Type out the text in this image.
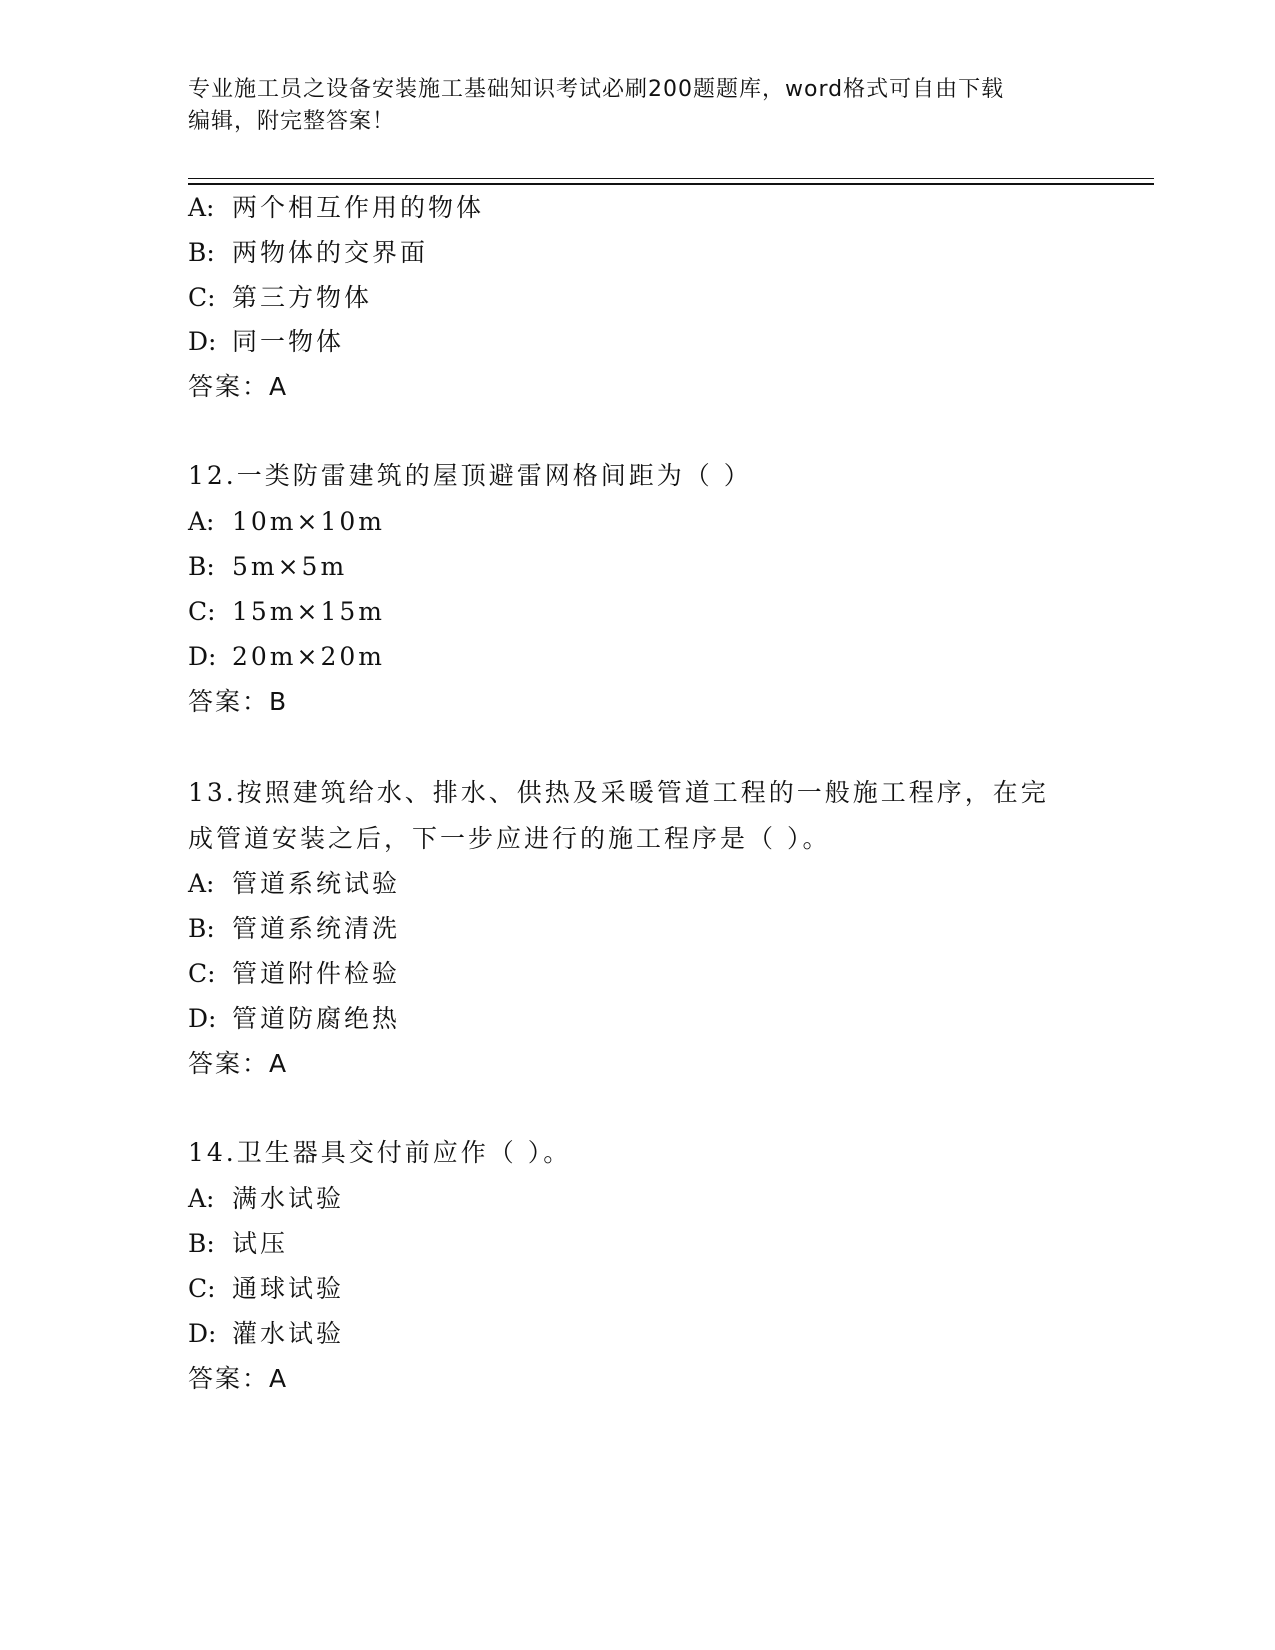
专业施工员之设备安装施工基础知识考试必刷200题题库，word格式可自由下载
编辑，附完整答案！
A: 两个相互作用的物体
B: 两物体的交界面
C: 第三方物体
D: 同一物体
答案：A
12.一类防雷建筑的屋顶避雷网格间距为（ ）
A: 10m×10m
B: 5m×5m
C: 15m×15m
D: 20m×20m
答案：B
13.按照建筑给水、排水、供热及采暖管道工程的一般施工程序，在完
成管道安装之后，下一步应进行的施工程序是（ ）。
A: 管道系统试验
B: 管道系统清洗
C: 管道附件检验
D: 管道防腐绝热
答案：A
14.卫生器具交付前应作（ ）。
A: 满水试验
B: 试压
C: 通球试验
D: 灌水试验
答案：A
